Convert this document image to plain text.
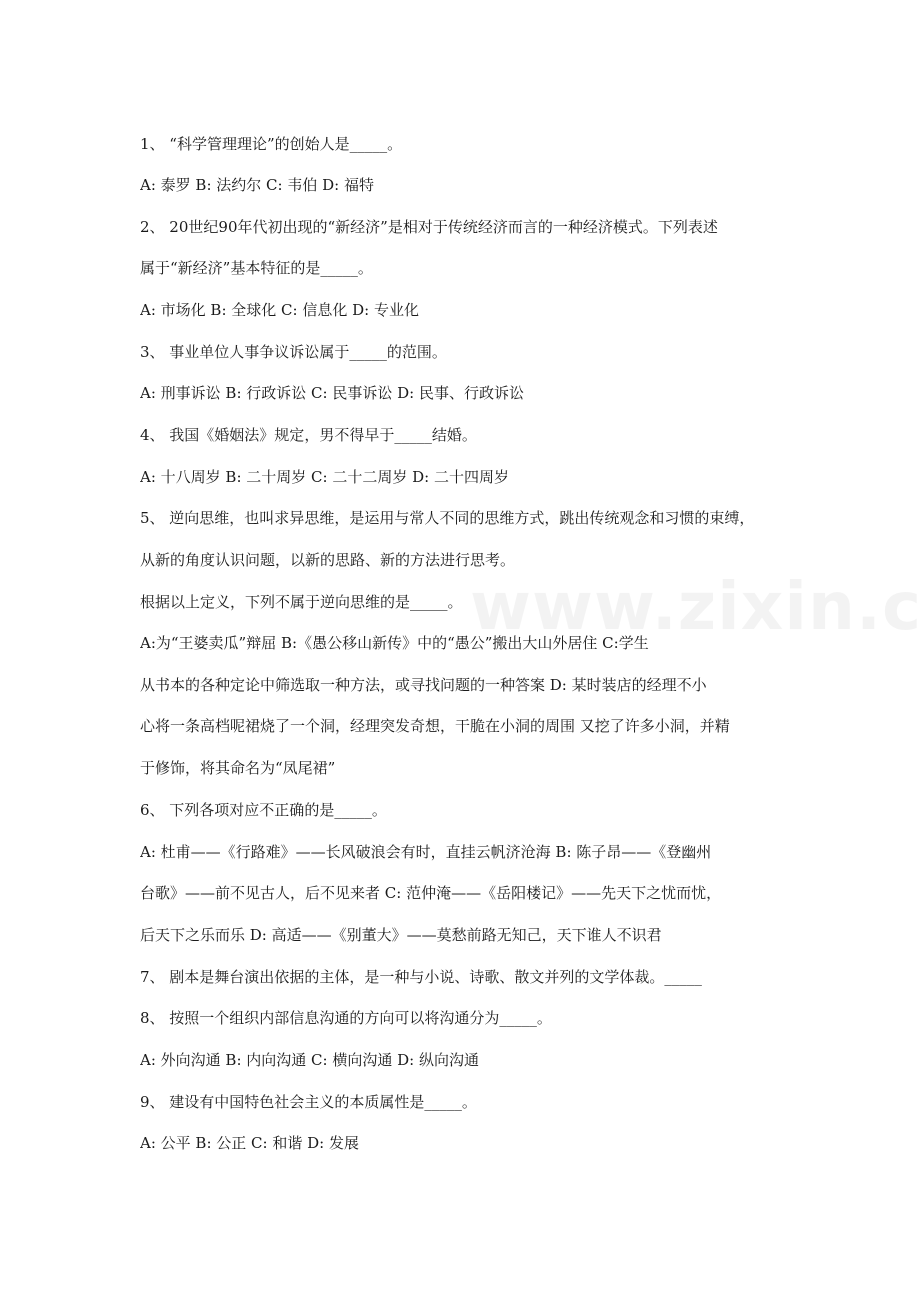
1、 “科学管理理论”的创始人是_____。
A: 泰罗 B: 法约尔 C: 韦伯 D: 福特
2、 20世纪90年代初出现的“新经济”是相对于传统经济而言的一种经济模式。下列表述
属于“新经济”基本特征的是_____。
A: 市场化 B: 全球化 C: 信息化 D: 专业化
3、 事业单位人事争议诉讼属于_____的范围。
A: 刑事诉讼 B: 行政诉讼 C: 民事诉讼 D: 民事、行政诉讼
4、 我国《婚姻法》规定，男不得早于_____结婚。
A: 十八周岁 B: 二十周岁 C: 二十二周岁 D: 二十四周岁
5、 逆向思维，也叫求异思维，是运用与常人不同的思维方式，跳出传统观念和习惯的束缚，
从新的角度认识问题，以新的思路、新的方法进行思考。
根据以上定义，下列不属于逆向思维的是_____。
A:为“王婆卖瓜”辩屈 B:《愚公移山新传》中的“愚公”搬出大山外居住 C:学生
从书本的各种定论中筛选取一种方法，或寻找问题的一种答案 D: 某时装店的经理不小
心将一条高档呢裙烧了一个洞，经理突发奇想，干脆在小洞的周围 又挖了许多小洞，并精
于修饰，将其命名为“凤尾裙”
6、 下列各项对应不正确的是_____。
A: 杜甫——《行路难》——长风破浪会有时，直挂云帆济沧海 B: 陈子昂——《登幽州
台歌》——前不见古人，后不见来者 C: 范仲淹——《岳阳楼记》——先天下之忧而忧，
后天下之乐而乐 D: 高适——《别董大》——莫愁前路无知己，天下谁人不识君
7、 剧本是舞台演出依据的主体，是一种与小说、诗歌、散文并列的文学体裁。_____
8、 按照一个组织内部信息沟通的方向可以将沟通分为_____。
A: 外向沟通 B: 内向沟通 C: 横向沟通 D: 纵向沟通
9、 建设有中国特色社会主义的本质属性是_____。
A: 公平 B: 公正 C: 和谐 D: 发展
